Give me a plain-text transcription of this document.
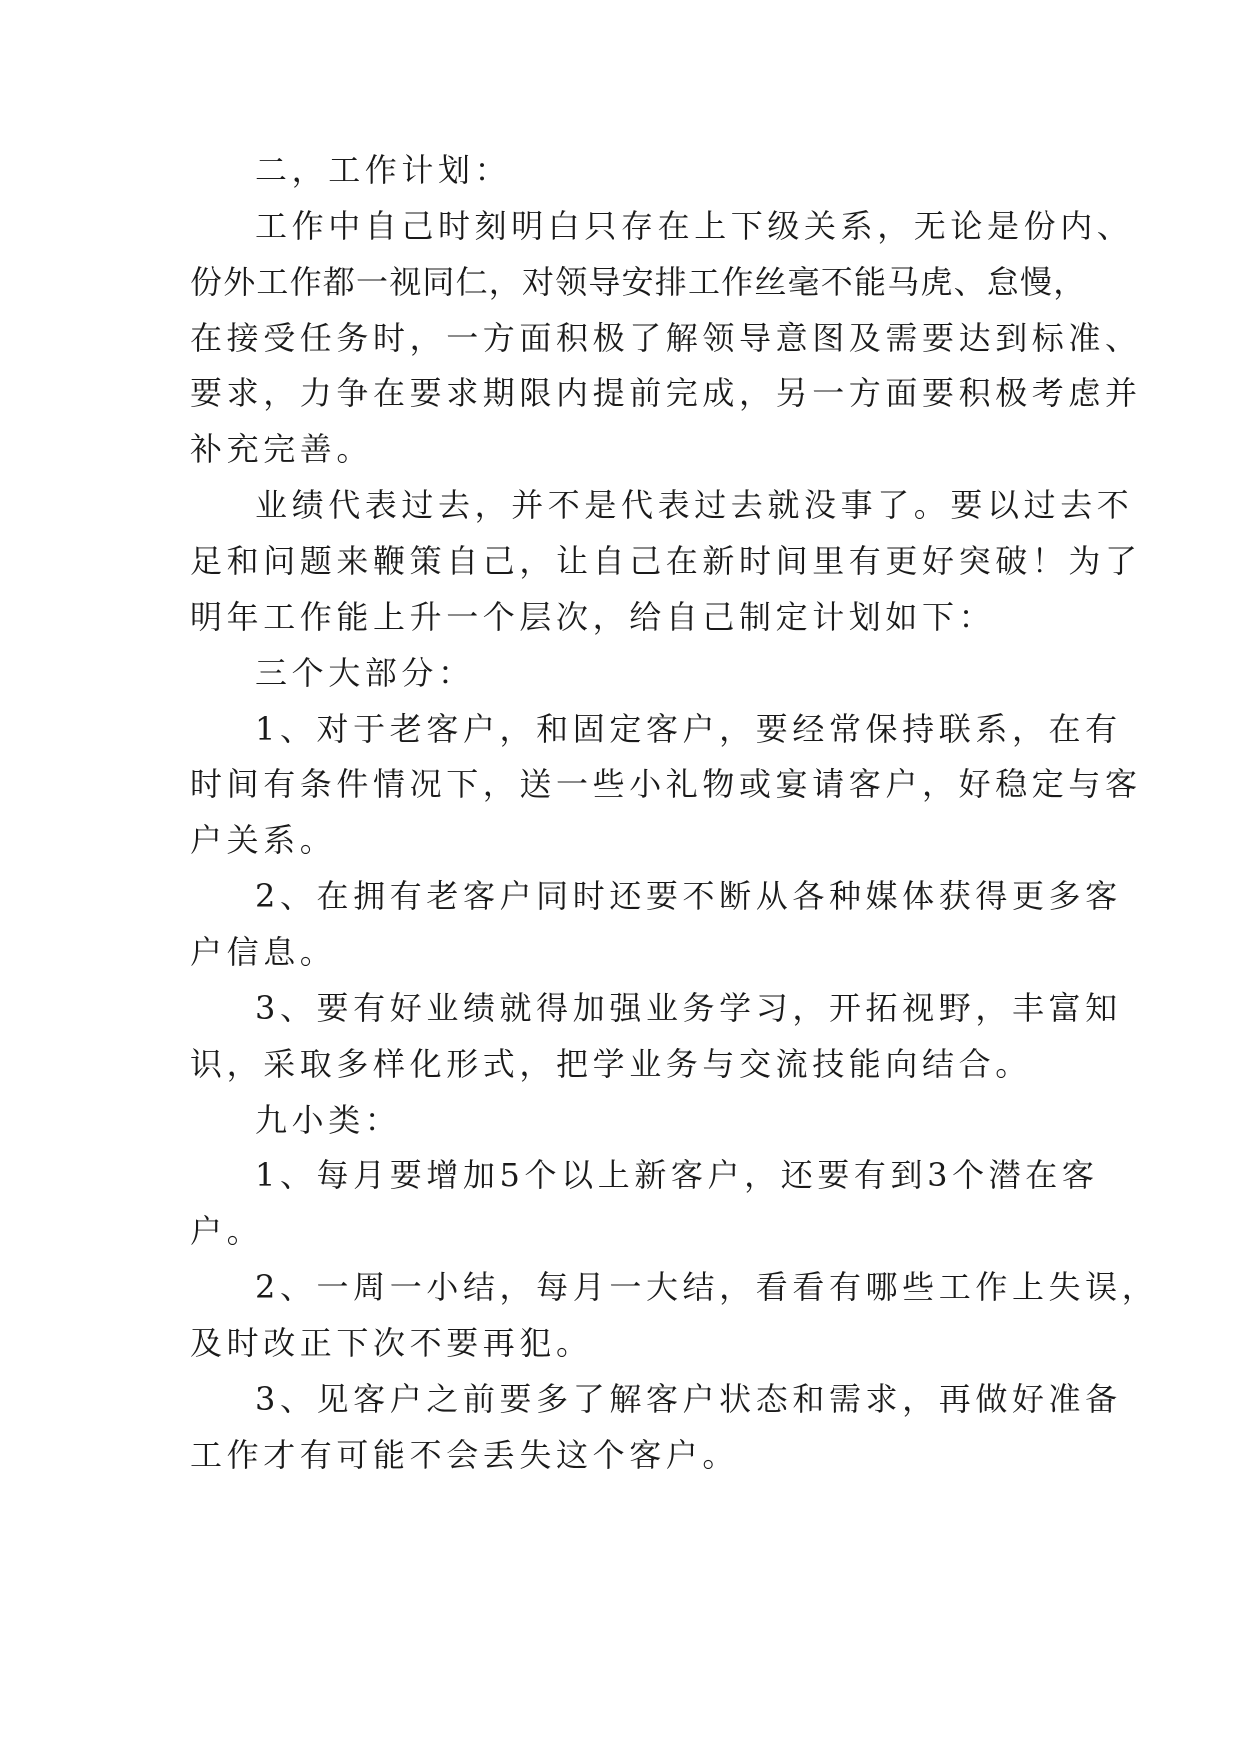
二，工作计划：
工作中自己时刻明白只存在上下级关系，无论是份内、
份外工作都一视同仁，对领导安排工作丝毫不能马虎、怠慢，
在接受任务时，一方面积极了解领导意图及需要达到标准、
要求，力争在要求期限内提前完成，另一方面要积极考虑并
补充完善。
业绩代表过去，并不是代表过去就没事了。要以过去不
足和问题来鞭策自己，让自己在新时间里有更好突破！为了
明年工作能上升一个层次，给自己制定计划如下：
三个大部分：
1、对于老客户，和固定客户，要经常保持联系，在有
时间有条件情况下，送一些小礼物或宴请客户，好稳定与客
户关系。
2、在拥有老客户同时还要不断从各种媒体获得更多客
户信息。
3、要有好业绩就得加强业务学习，开拓视野，丰富知
识，采取多样化形式，把学业务与交流技能向结合。
九小类：
1、每月要增加5个以上新客户，还要有到3个潜在客
户。
2、一周一小结，每月一大结，看看有哪些工作上失误，
及时改正下次不要再犯。
3、见客户之前要多了解客户状态和需求，再做好准备
工作才有可能不会丢失这个客户。
